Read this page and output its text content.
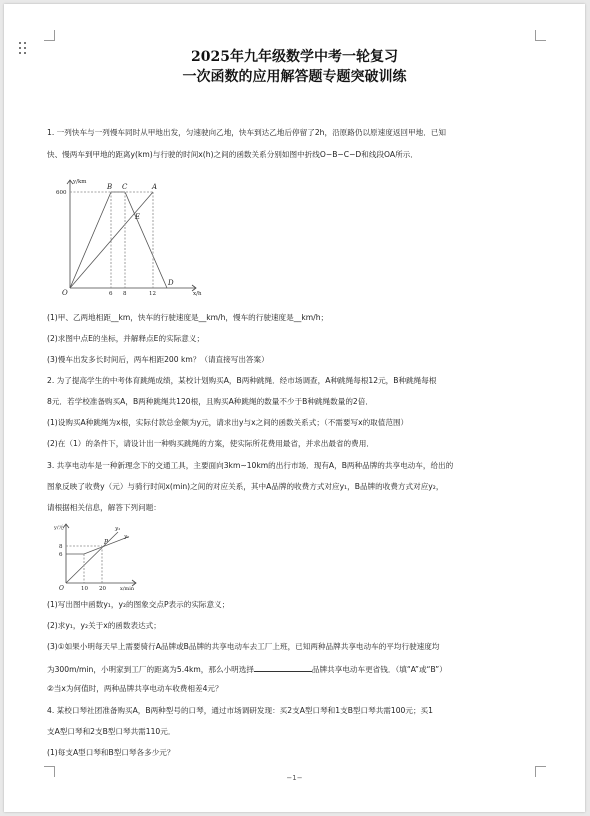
2025年九年级数学中考一轮复习
一次函数的应用解答题专题突破训练
1. 一列快车与一列慢车同时从甲地出发，匀速驶向乙地，快车到达乙地后停留了2h，沿原路仍以原速度返回甲地．已知
快、慢两车到甲地的距离y(km)与行驶的时间x(h)之间的函数关系分别如图中折线O−B−C−D和线段OA所示．
y/km
x/h
O
600
6 8	12
B C	A
E
D
(1)甲、乙两地相距__km，快车的行驶速度是__km/h，慢车的行驶速度是__km/h；
(2)求图中点E的坐标，并解释点E的实际意义；
(3)慢车出发多长时间后，两车相距200 km？（请直接写出答案）
2. 为了提高学生的中考体育跳绳成绩，某校计划购买A，B两种跳绳．经市场调查，A种跳绳每根12元，B种跳绳每根
8元．若学校准备购买A，B两种跳绳共120根，且购买A种跳绳的数量不少于B种跳绳数量的2倍．
(1)设购买A种跳绳为x根，实际付款总金额为y元，请求出y与x之间的函数关系式；（不需要写x的取值范围）
(2)在（1）的条件下，请设计出一种购买跳绳的方案，使实际所花费用最省，并求出最省的费用．
3. 共享电动车是一种新理念下的交通工具，主要面向3km~10km的出行市场．现有A，B两种品牌的共享电动车，给出的
图象反映了收费y（元）与骑行时间x(min)之间的对应关系，其中A品牌的收费方式对应y₁，B品牌的收费方式对应y₂，
请根据相关信息，解答下列问题：
y/元
x/min
O
8
6
10 20
y₁
y₂
P
(1)写出图中函数y₁，y₂的图象交点P表示的实际意义；
(2)求y₁，y₂关于x的函数表达式；
(3)①如果小明每天早上需要骑行A品牌或B品牌的共享电动车去工厂上班，已知两种品牌共享电动车的平均行驶速度均
为300m/min，小明家到工厂的距离为5.4km，那么小明选择	品牌共享电动车更省钱．（填“A”或“B”）
②当x为何值时，两种品牌共享电动车收费相差4元？
4. 某校口琴社团准备购买A，B两种型号的口琴，通过市场调研发现：买2支A型口琴和1支B型口琴共需100元；买1
支A型口琴和2支B型口琴共需110元．
(1)每支A型口琴和B型口琴各多少元？
−1−
